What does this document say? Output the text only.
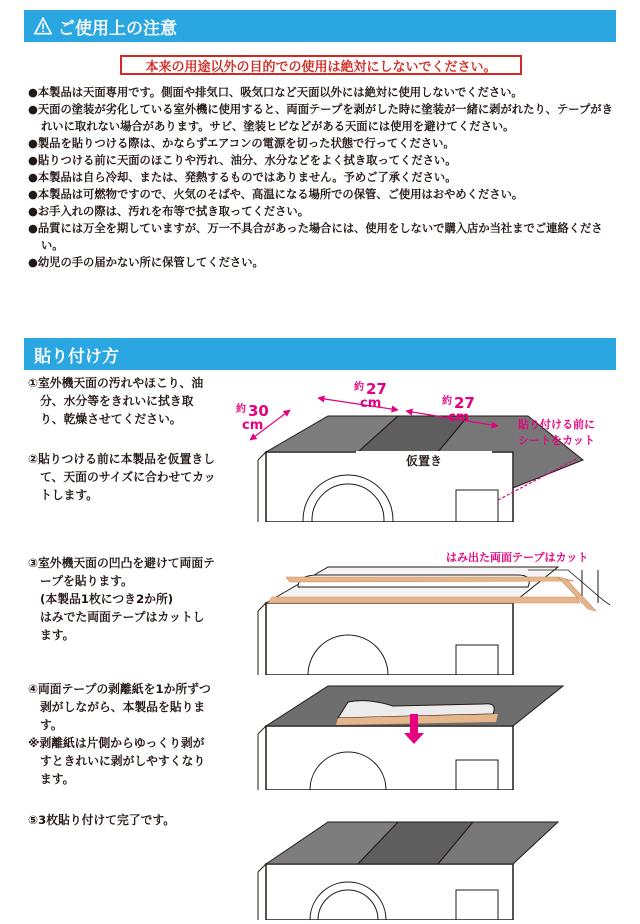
ご使用上の注意
本来の用途以外の目的での使用は絶対にしないでください。
● 本製品は天面専用です。側面や排気口、吸気口など天面以外には絶対に使用しないでください。
● 天面の塗装が劣化している室外機に使用すると、両面テープを剥がした時に塗装が一緒に剥がれたり、テープがきれいに取れない場合があります。サビ、塗装ヒビなどがある天面には使用を避けてください。
● 製品を貼りつける際は、かならずエアコンの電源を切った状態で行ってください。
● 貼りつける前に天面のほこりや汚れ、油分、水分などをよく拭き取ってください。
● 本製品は自ら冷却、または、発熱するものではありません。予めご了承ください。
● 本製品は可燃物ですので、火気のそばや、高温になる場所での保管、ご使用はおやめください。
● お手入れの際は、汚れを布等で拭き取ってください。
● 品質には万全を期していますが、万一不具合があった場合には、使用をしないで購入店か当社までご連絡ください。
● 幼児の手の届かない所に保管してください。
貼り付け方

①室外機天面の汚れやほこり、油分、水分等をきれいに拭き取り、乾燥させてください。

②貼りつける前に本製品を仮置きして、天面のサイズに合わせてカットします。

③室外機天面の凹凸を避けて両面テープを貼ります。

(本製品1枚につき2か所)

はみでた両面テープはカットします。

④両面テープの剥離紙を1か所ずつ剥がしながら、本製品を貼ります。

※剥離紙は片側からゆっくり剥がすときれいに剥がしやすくなります。

⑤3枚貼り付けて完了です。

仮置き
約 27
cm	約 27
cm
約 30
cm	貼り付ける前に
シートをカット
はみ出た両面テープはカット
